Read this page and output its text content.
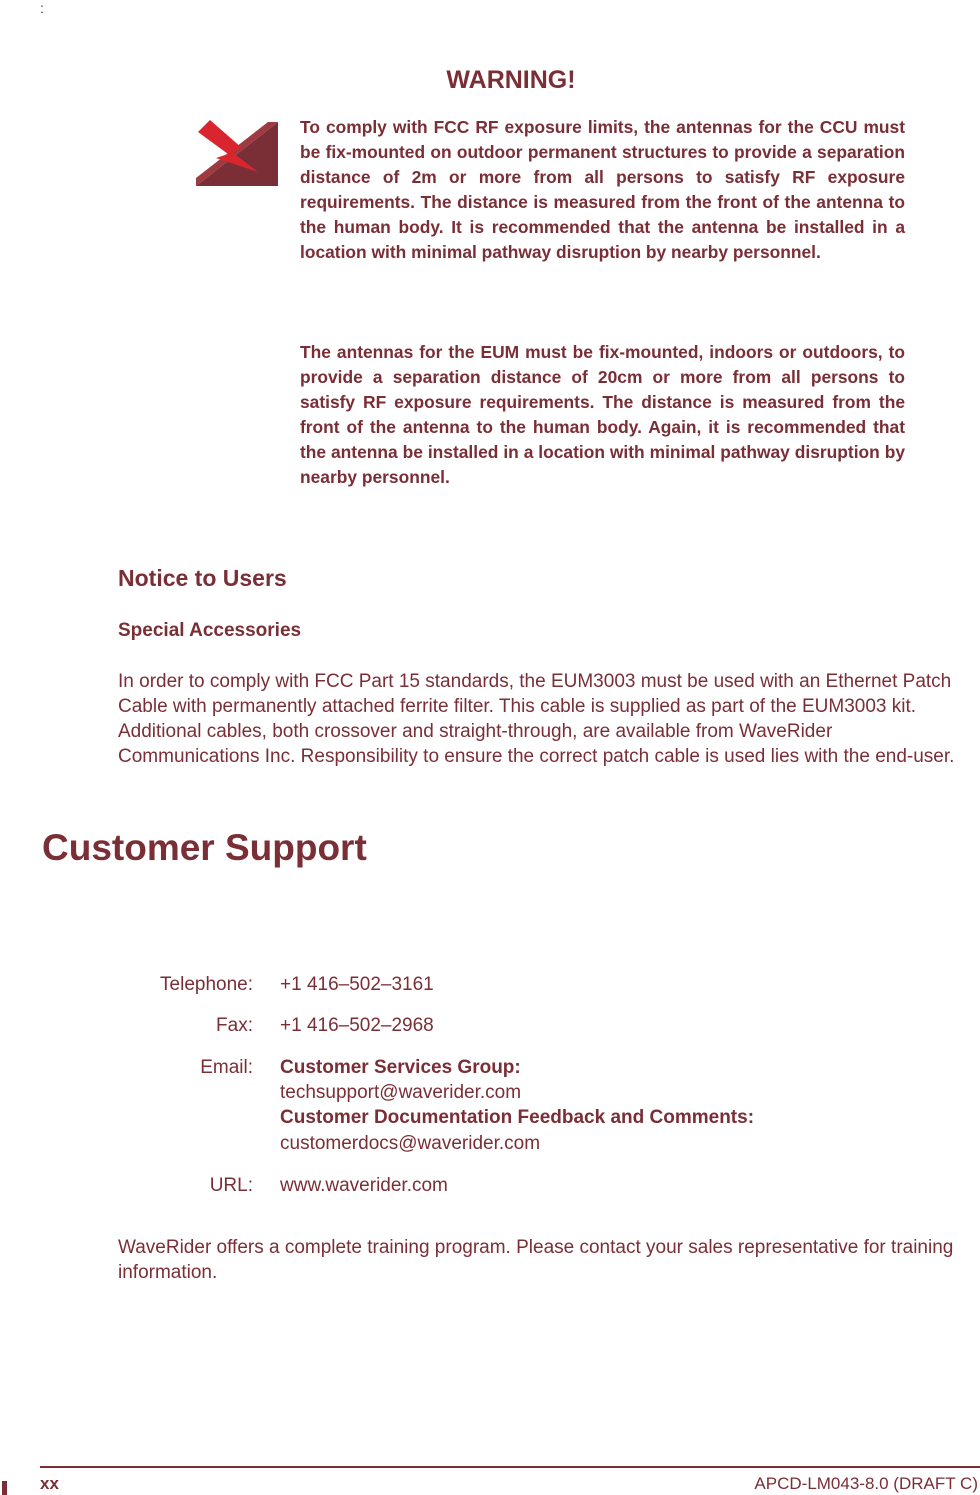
:
WARNING!
To comply with FCC RF exposure limits, the antennas for the CCU must be fix-mounted on outdoor permanent structures to provide a separation distance of 2m or more from all persons to satisfy RF exposure requirements. The distance is measured from the front of the antenna to the human body. It is recommended that the antenna be installed in a location with minimal pathway disruption by nearby personnel.
The antennas for the EUM must be fix-mounted, indoors or outdoors, to provide a separation distance of 20cm or more from all persons to satisfy RF exposure requirements. The distance is measured from the front of the antenna to the human body. Again, it is recommended that the antenna be installed in a location with minimal pathway disruption by nearby personnel.
Notice to Users
Special Accessories
In order to comply with FCC Part 15 standards, the EUM3003 must be used with an Ethernet Patch Cable with permanently attached ferrite filter. This cable is supplied as part of the EUM3003 kit. Additional cables, both crossover and straight-through, are available from WaveRider Communications Inc. Responsibility to ensure the correct patch cable is used lies with the end-user.
Customer Support
Telephone: +1 416–502–3161
Fax: +1 416–502–2968
Email: Customer Services Group:
techsupport@waverider.com
Customer Documentation Feedback and Comments:
customerdocs@waverider.com
URL: www.waverider.com
WaveRider offers a complete training program. Please contact your sales representative for training information.
xx	APCD-LM043-8.0 (DRAFT C)
